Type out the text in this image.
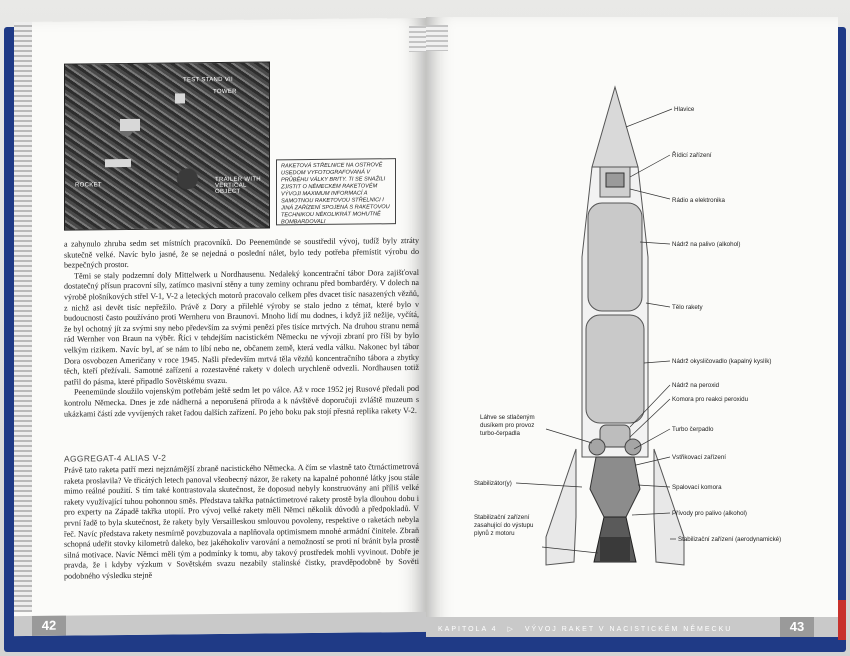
TEST STAND VII
TOWER
TRAILER WITH VERTICAL OBJECT
ROCKET
RAKETOVÁ STŘELNICE NA OSTROVĚ USEDOM VYFOTOGRAFOVANÁ V PRŮBĚHU VÁLKY BRITY. TI SE SNAŽILI ZJISTIT O NĚMECKÉM RAKETOVÉM VÝVOJI MAXIMUM INFORMACÍ A SAMOTNOU RAKETOVOU STŘELNICI I JINÁ ZAŘÍZENÍ SPOJENÁ S RAKETOVOU TECHNIKOU NĚKOLIKRÁT MOHUTNĚ BOMBARDOVALI

a zahynulo zhruba sedm set místních pracovníků. Do Peenemünde se soustředil vývoj, tudíž byly ztráty skutečně velké. Navíc bylo jasné, že se nejedná o poslední nálet, bylo tedy potřeba přemístit výrobu do bezpečných prostor.

Těmi se staly podzemní doly Mittelwerk u Nordhausenu. Nedaleký koncentrační tábor Dora zajišťoval dostatečný přísun pracovní síly, zatímco masivní stěny a tuny zeminy ochranu před bombardéry. V dolech na výrobě plošníkových střel V-1, V-2 a leteckých motorů pracovalo celkem přes dvacet tisíc nasazených vězňů, z nichž asi devět tisíc nepřežilo. Právě z Dory a přilehlé výroby se stalo jedno z témat, které bylo v budoucnosti často používáno proti Wernheru von Braunovi. Mnoho lidí mu dodnes, i když již nežije, vyčítá, že byl ochotný jít za svými sny nebo především za svými penězi přes tisíce mrtvých. Na druhou stranu nemá rád Wernher von Braun na výběr. Říci v tehdejším nacistickém Německu ne vývoji zbraní pro říši by bylo velkým rizikem. Navíc byl, ať se nám to líbí nebo ne, občanem země, která vedla válku. Nakonec byl tábor Dora osvobozen Američany v roce 1945. Našli především mrtvá těla vězňů koncentračního tábora a zbytky těch, kteří přežívali. Samotné zařízení a rozestavěné rakety v dolech urychleně odvezli. Nordhausen totiž patřil do pásma, které připadlo Sovětskému svazu.

Peenemünde sloužilo vojenským potřebám ještě sedm let po válce. Až v roce 1952 jej Rusové předali pod kontrolu Německa. Dnes je zde nádherná a neporušená příroda a k návštěvě doporučuji zvláště muzeum s ukázkami částí zde vyvíjených raket řadou dalších zařízení. Po jeho boku pak stojí přesná replika rakety V-2.

AGGREGAT-4 ALIAS V-2

Právě tato raketa patří mezi nejznámější zbraně nacistického Německa. A čím se vlastně tato čtrnáctimetrová raketa proslavila? Ve třicátých letech panoval všeobecný názor, že rakety na kapalné pohonné látky jsou stále mimo reálné použití. S tím také kontrastovala skutečnost, že doposud nebyly konstruovány ani příliš velké rakety využívající tuhou pohonnou směs. Představa takřka patnáctimetrové rakety prostě byla dlouhou dobu i pro experty na Západě takřka utopií. Pro vývoj velké rakety měli Němci několik důvodů a předpokladů. V první řadě to byla skutečnost, že rakety byly Versailleskou smlouvou povoleny, respektive o raketách nebyla řeč. Navíc představa rakety nesmírně povzbuzovala a naplňovala optimismem mnohé armádní činitele. Zbraň schopná udeřit stovky kilometrů daleko, bez jakéhokoliv varování a nemožností se proti ní bránit byla prostě silná motivace. Navíc Němci měli tým a podmínky k tomu, aby takový prostředek mohli vyvinout. Dobře je pravda, že i kdyby výzkum v Sovětském svazu nezabily stalinské čistky, pravděpodobně by Sověti podobného výsledku stejně

42
Hlavice
Řídicí zařízení
Rádio a elektronika
Nádrž na palivo (alkohol)
Tělo rakety
Nádrž okysličovadlo (kapalný kyslík)
Nádrž na peroxid
Komora pro reakci peroxidu
Turbo čerpadlo
Vstřikovací zařízení
Spalovací komora
Přívody pro palivo (alkohol)
Stabilizační zařízení (aerodynamické)
Láhve se stlačeným
dusíkem pro provoz
turbo-čerpadla
Stabilizátor(y)
Stabilizační zařízení
zasahující do výstupu
plynů z motoru
KAPITOLA 4 ▷ VÝVOJ RAKET V NACISTICKÉM NĚMECKU	43
